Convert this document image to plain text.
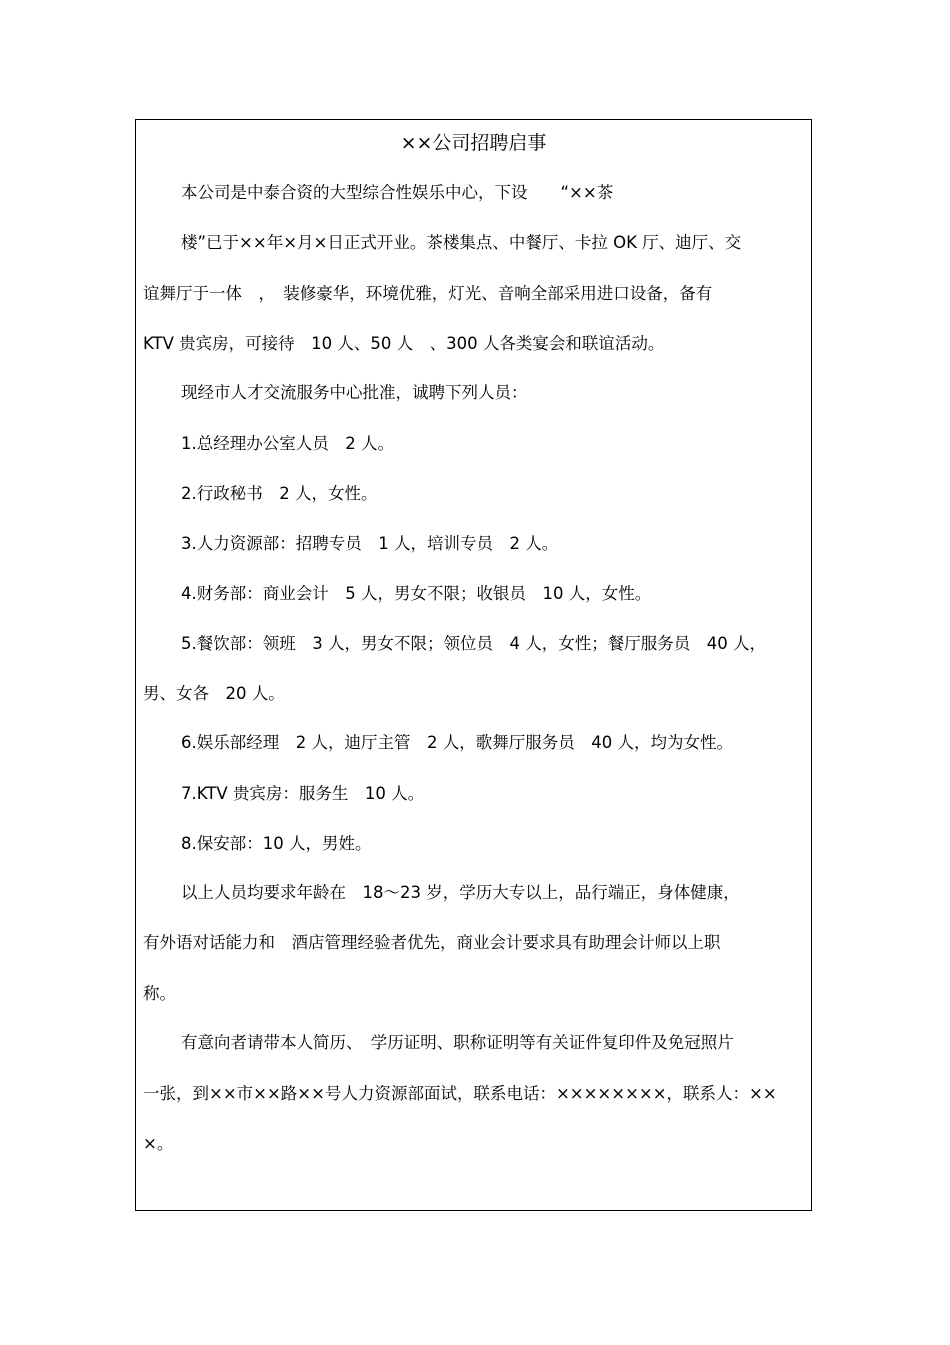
××公司招聘启事
本公司是中泰合资的大型综合性娱乐中心，下设　　“××茶
楼”已于××年×月×日正式开业。茶楼集点、中餐厅、卡拉 OK 厅、迪厅、交
谊舞厅于一体　，　装修豪华，环境优雅，灯光、音响全部采用进口设备，备有
KTV 贵宾房，可接待　10 人、50 人　、300 人各类宴会和联谊活动。
现经市人才交流服务中心批准，诚聘下列人员：
1.总经理办公室人员　2 人。
2.行政秘书　2 人，女性。
3.人力资源部：招聘专员　1 人，培训专员　2 人。
4.财务部：商业会计　5 人，男女不限；收银员　10 人，女性。
5.餐饮部：领班　3 人，男女不限；领位员　4 人，女性；餐厅服务员　40 人，
男、女各　20 人。
6.娱乐部经理　2 人，迪厅主管　2 人，歌舞厅服务员　40 人，均为女性。
7.KTV 贵宾房：服务生　10 人。
8.保安部：10 人，男姓。
以上人员均要求年龄在　18～23 岁，学历大专以上，品行端正，身体健康，
有外语对话能力和　酒店管理经验者优先，商业会计要求具有助理会计师以上职
称。
有意向者请带本人简历、　学历证明、职称证明等有关证件复印件及免冠照片
一张，到××市××路××号人力资源部面试，联系电话：××××××××，联系人：××
×。
